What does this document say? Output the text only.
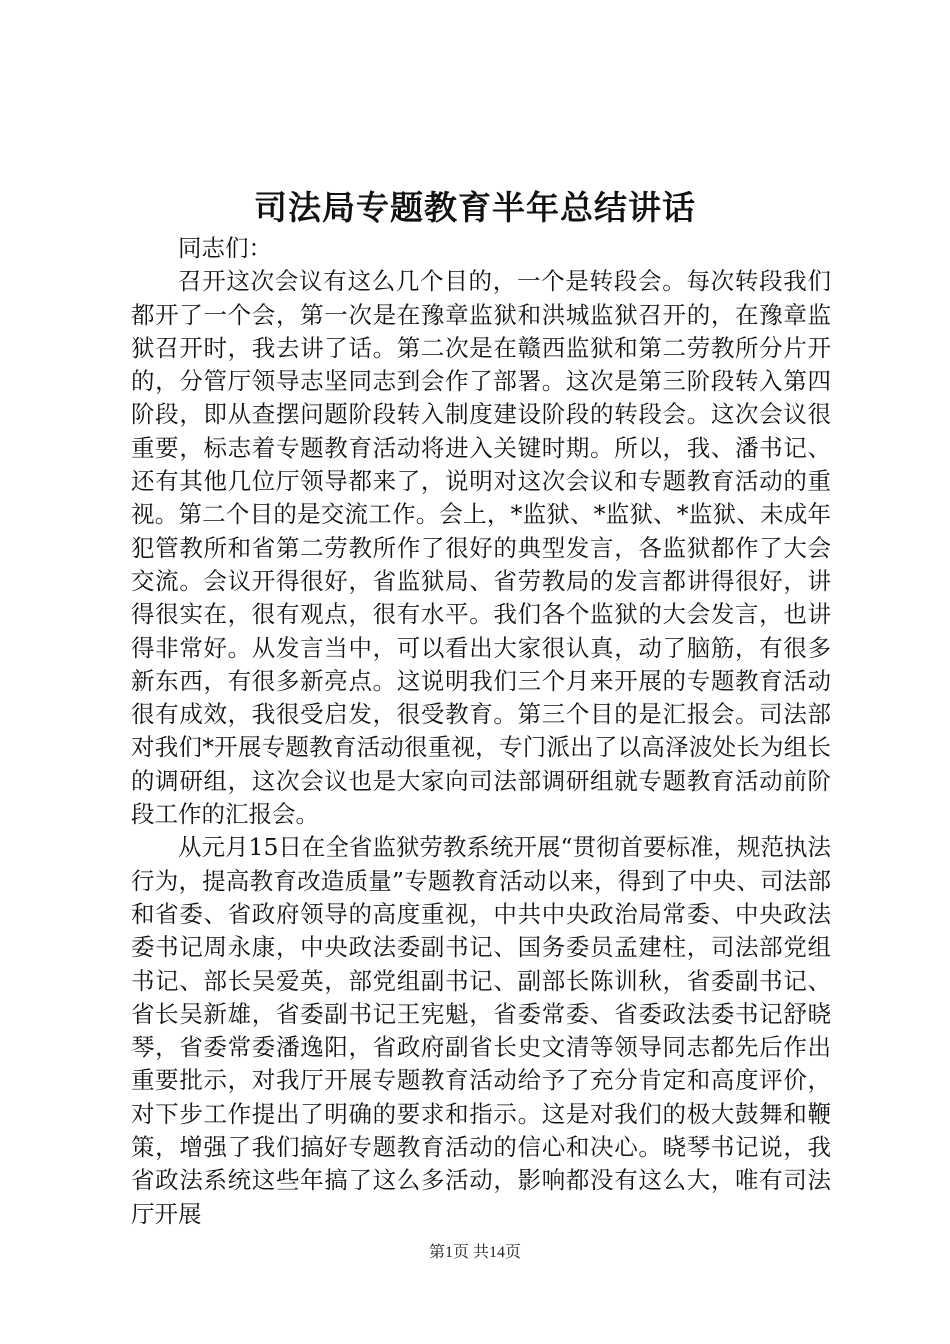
司法局专题教育半年总结讲话

同志们：

召开这次会议有这么几个目的，一个是转段会。每次转段我们都开了一个会，第一次是在豫章监狱和洪城监狱召开的，在豫章监狱召开时，我去讲了话。第二次是在赣西监狱和第二劳教所分片开的，分管厅领导志坚同志到会作了部署。这次是第三阶段转入第四阶段，即从查摆问题阶段转入制度建设阶段的转段会。这次会议很重要，标志着专题教育活动将进入关键时期。所以，我、潘书记、还有其他几位厅领导都来了，说明对这次会议和专题教育活动的重视。第二个目的是交流工作。会上，*监狱、*监狱、*监狱、未成年犯管教所和省第二劳教所作了很好的典型发言，各监狱都作了大会交流。会议开得很好，省监狱局、省劳教局的发言都讲得很好，讲得很实在，很有观点，很有水平。我们各个监狱的大会发言，也讲得非常好。从发言当中，可以看出大家很认真，动了脑筋，有很多新东西，有很多新亮点。这说明我们三个月来开展的专题教育活动很有成效，我很受启发，很受教育。第三个目的是汇报会。司法部对我们*开展专题教育活动很重视，专门派出了以高泽波处长为组长的调研组，这次会议也是大家向司法部调研组就专题教育活动前阶段工作的汇报会。

从元月15日在全省监狱劳教系统开展“贯彻首要标准，规范执法行为，提高教育改造质量”专题教育活动以来，得到了中央、司法部和省委、省政府领导的高度重视，中共中央政治局常委、中央政法委书记周永康，中央政法委副书记、国务委员孟建柱，司法部党组书记、部长吴爱英，部党组副书记、副部长陈训秋，省委副书记、省长吴新雄，省委副书记王宪魁，省委常委、省委政法委书记舒晓琴，省委常委潘逸阳，省政府副省长史文清等领导同志都先后作出重要批示，对我厅开展专题教育活动给予了充分肯定和高度评价，对下步工作提出了明确的要求和指示。这是对我们的极大鼓舞和鞭策，增强了我们搞好专题教育活动的信心和决心。晓琴书记说，我省政法系统这些年搞了这么多活动，影响都没有这么大，唯有司法厅开展

第1页 共14页
